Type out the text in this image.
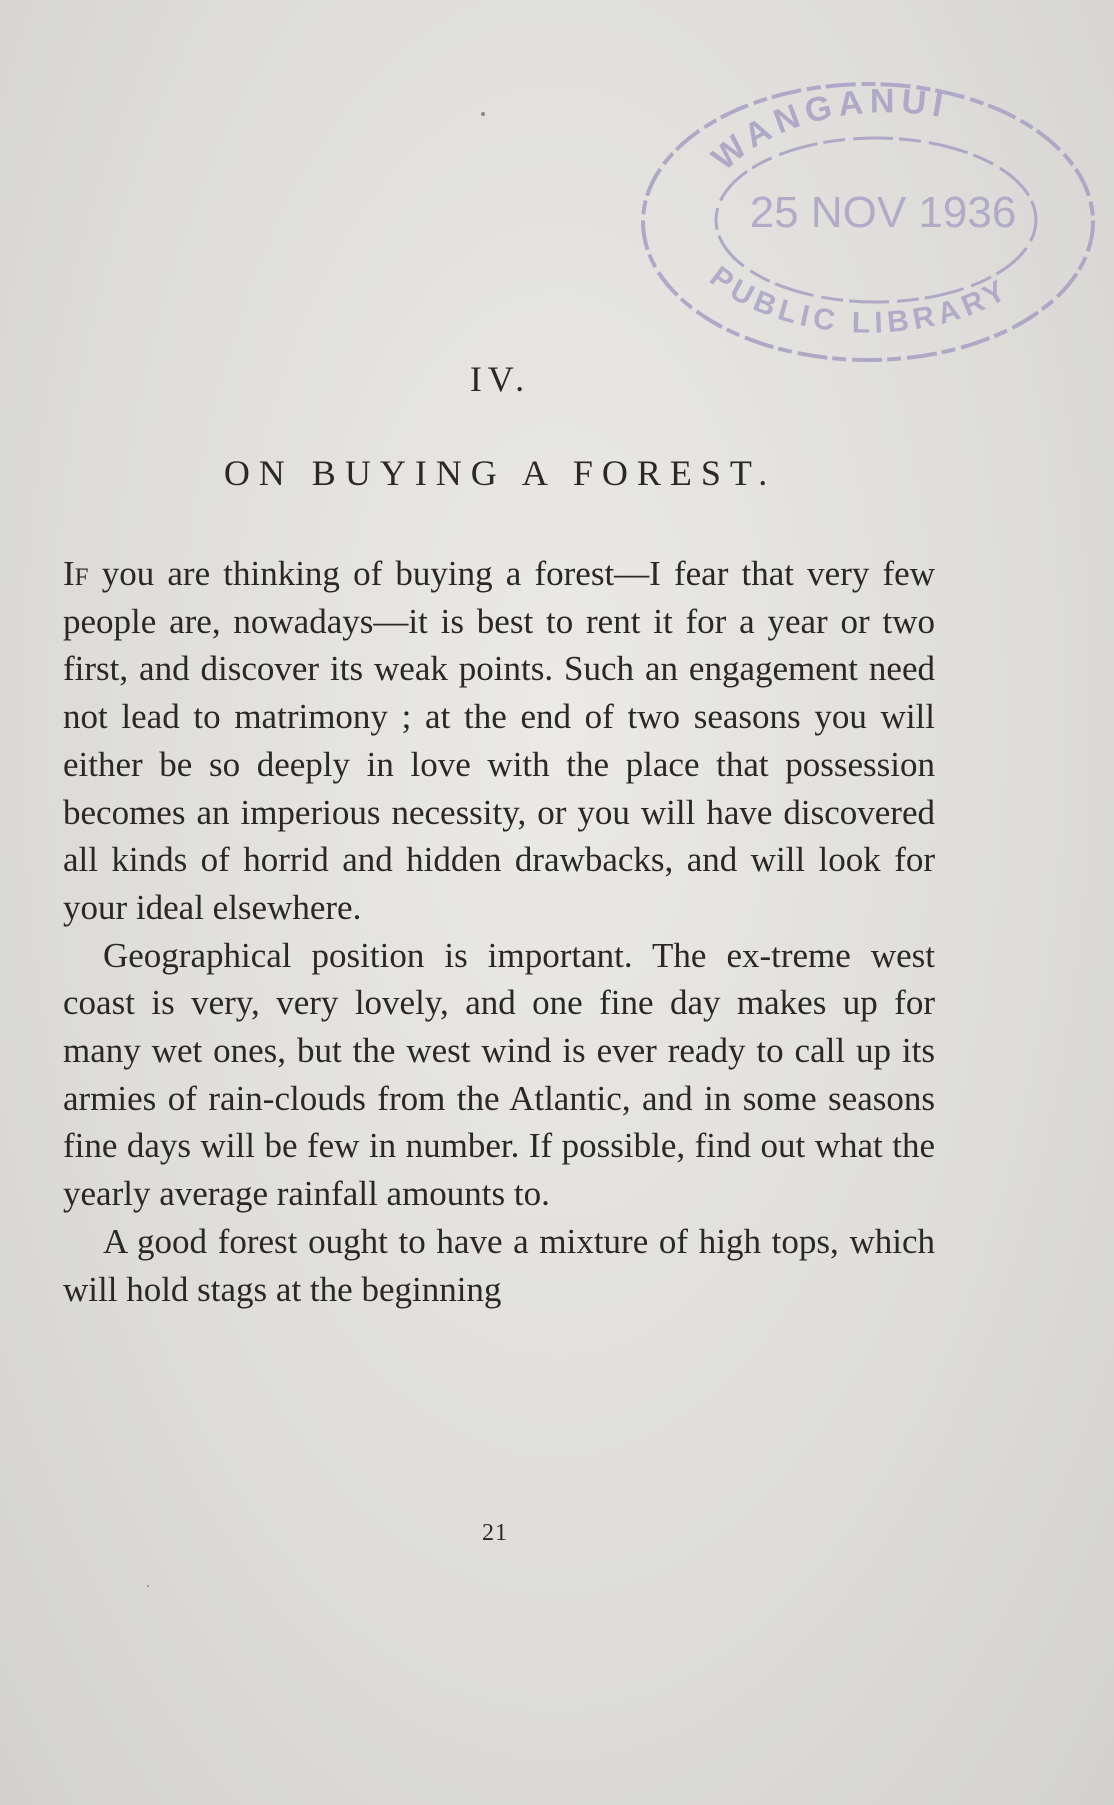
WANGANUI
25 NOV 1936
PUBLIC LIBRARY
IV.
ON BUYING A FOREST.

If you are thinking of buying a forest—I fear that very few people are, nowadays—it is best to rent it for a year or two first, and discover its weak points. Such an engagement need not lead to matrimony ; at the end of two seasons you will either be so deeply in love with the place that possession becomes an imperious necessity, or you will have discovered all kinds of horrid and hidden drawbacks, and will look for your ideal elsewhere.

Geographical position is important. The ex-treme west coast is very, very lovely, and one fine day makes up for many wet ones, but the west wind is ever ready to call up its armies of rain-clouds from the Atlantic, and in some seasons fine days will be few in number. If possible, find out what the yearly average rainfall amounts to.

A good forest ought to have a mixture of high tops, which will hold stags at the beginning

21
